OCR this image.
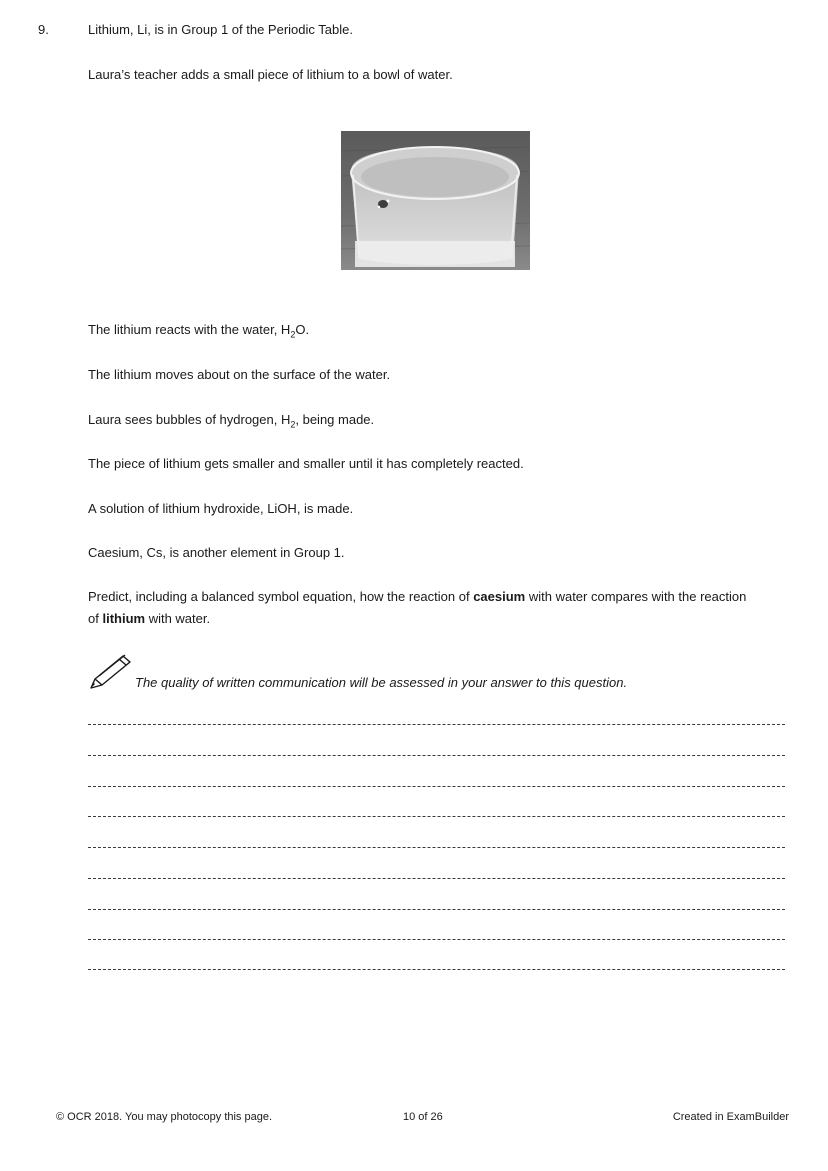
9.	Lithium, Li, is in Group 1 of the Periodic Table.
Laura’s teacher adds a small piece of lithium to a bowl of water.
The lithium reacts with the water, $H_2O$.
The lithium moves about on the surface of the water.
Laura sees bubbles of hydrogen, $H_2$, being made.
The piece of lithium gets smaller and smaller until it has completely reacted.
A solution of lithium hydroxide, LiOH, is made.
Caesium, Cs, is another element in Group 1.
Predict, including a balanced symbol equation, how the reaction of caesium with water compares with the reaction of lithium with water.
The quality of written communication will be assessed in your answer to this question.
© OCR 2018. You may photocopy this page.	10 of 26	Created in ExamBuilder
